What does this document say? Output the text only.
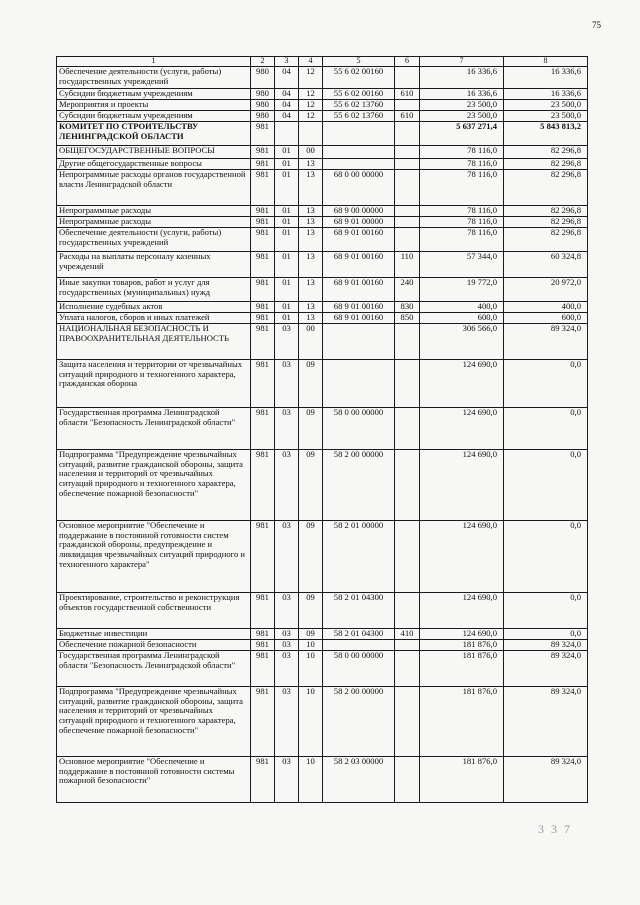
75
1	2	3	4	5	6	7	8
Обеспечение деятельности (услуги, работы) государственных учреждений	980	04	12	55 6 02 00160		16 336,6	16 336,6
Субсидии бюджетным учреждениям	980	04	12	55 6 02 00160	610	16 336,6	16 336,6
Мероприятия и проекты	980	04	12	55 6 02 13760		23 500,0	23 500,0
Субсидии бюджетным учреждениям	980	04	12	55 6 02 13760	610	23 500,0	23 500,0
КОМИТЕТ ПО СТРОИТЕЛЬСТВУ ЛЕНИНГРАДСКОЙ ОБЛАСТИ	981					5 637 271,4	5 843 813,2
ОБЩЕГОСУДАРСТВЕННЫЕ ВОПРОСЫ	981	01	00			78 116,0	82 296,8
Другие общегосударственные вопросы	981	01	13			78 116,0	82 296,8
Непрограммные расходы органов государственной власти Ленинградской области	981	01	13	68 0 00 00000		78 116,0	82 296,8
Непрограммные расходы	981	01	13	68 9 00 00000		78 116,0	82 296,8
Непрограммные расходы	981	01	13	68 9 01 00000		78 116,0	82 296,8
Обеспечение деятельности (услуги, работы) государственных учреждений	981	01	13	68 9 01 00160		78 116,0	82 296,8
Расходы на выплаты персоналу казенных учреждений	981	01	13	68 9 01 00160	110	57 344,0	60 324,8
Иные закупки товаров, работ и услуг для государственных (муниципальных) нужд	981	01	13	68 9 01 00160	240	19 772,0	20 972,0
Исполнение судебных актов	981	01	13	68 9 01 00160	830	400,0	400,0
Уплата налогов, сборов и иных платежей	981	01	13	68 9 01 00160	850	600,0	600,0
НАЦИОНАЛЬНАЯ БЕЗОПАСНОСТЬ И ПРАВООХРАНИТЕЛЬНАЯ ДЕЯТЕЛЬНОСТЬ	981	03	00			306 566,0	89 324,0
Защита населения и территории от чрезвычайных ситуаций природного и техногенного характера, гражданская оборона	981	03	09			124 690,0	0,0
Государственная программа Ленинградской области "Безопасность Ленинградской области"	981	03	09	58 0 00 00000		124 690,0	0,0
Подпрограмма "Предупреждение чрезвычайных ситуаций, развитие гражданской обороны, защита населения и территорий от чрезвычайных ситуаций природного и техногенного характера, обеспечение пожарной безопасности"	981	03	09	58 2 00 00000		124 690,0	0,0
Основное мероприятие "Обеспечение и поддержание в постоянной готовности систем гражданской обороны, предупреждение и ликвидация чрезвычайных ситуаций природного и техногенного характера"	981	03	09	58 2 01 00000		124 690,0	0,0
Проектирование, строительство и реконструкция объектов государственной собственности	981	03	09	58 2 01 04300		124 690,0	0,0
Бюджетные инвестиции	981	03	09	58 2 01 04300	410	124 690,0	0,0
Обеспечение пожарной безопасности	981	03	10			181 876,0	89 324,0
Государственная программа Ленинградской области "Безопасность Ленинградской области"	981	03	10	58 0 00 00000		181 876,0	89 324,0
Подпрограмма "Предупреждение чрезвычайных ситуаций, развитие гражданской обороны, защита населения и территорий от чрезвычайных ситуаций природного и техногенного характера, обеспечение пожарной безопасности"	981	03	10	58 2 00 00000		181 876,0	89 324,0
Основное мероприятие "Обеспечение и поддержание в постоянной готовности системы пожарной безопасности"	981	03	10	58 2 03 00000		181 876,0	89 324,0
3 3 7
